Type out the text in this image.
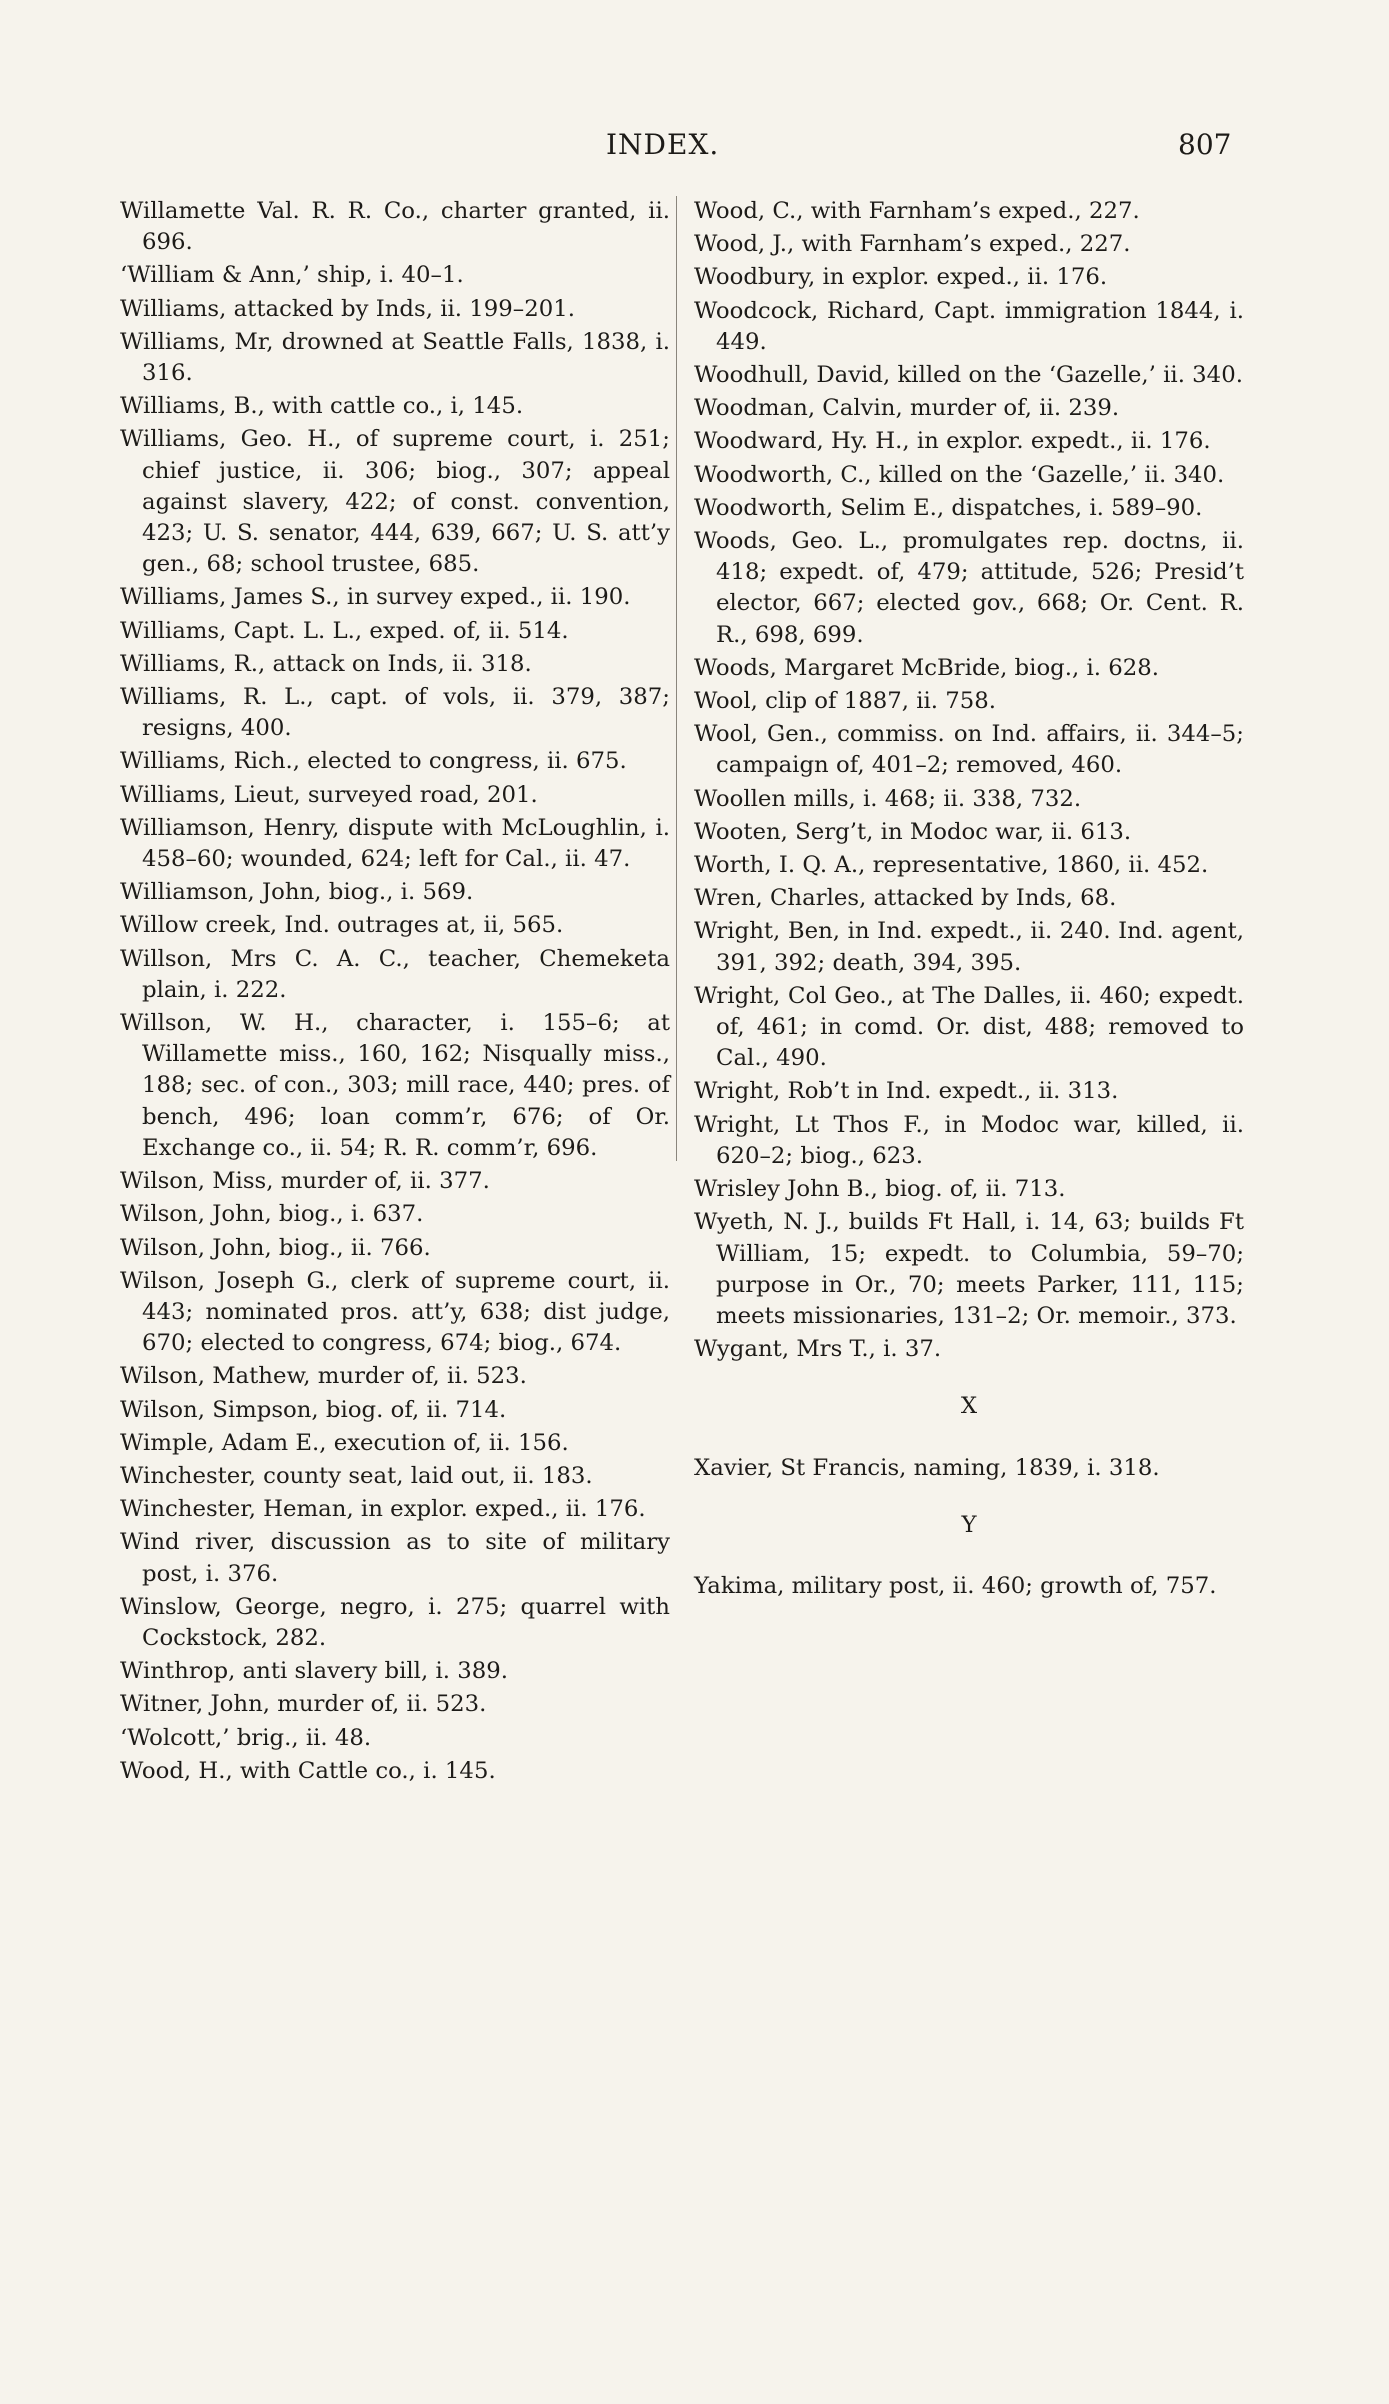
INDEX.	807

Willamette Val. R. R. Co., charter granted, ii. 696.
‘William & Ann,’ ship, i. 40–1.
Williams, attacked by Inds, ii. 199–201.
Williams, Mr, drowned at Seattle Falls, 1838, i. 316.
Williams, B., with cattle co., i, 145.
Williams, Geo. H., of supreme court, i. 251; chief justice, ii. 306; biog., 307; appeal against slavery, 422; of const. convention, 423; U. S. senator, 444, 639, 667; U. S. att’y gen., 68; school trustee, 685.
Williams, James S., in survey exped., ii. 190.
Williams, Capt. L. L., exped. of, ii. 514.
Williams, R., attack on Inds, ii. 318.
Williams, R. L., capt. of vols, ii. 379, 387; resigns, 400.
Williams, Rich., elected to congress, ii. 675.
Williams, Lieut, surveyed road, 201.
Williamson, Henry, dispute with McLoughlin, i. 458–60; wounded, 624; left for Cal., ii. 47.
Williamson, John, biog., i. 569.
Willow creek, Ind. outrages at, ii, 565.
Willson, Mrs C. A. C., teacher, Chemeketa plain, i. 222.
Willson, W. H., character, i. 155–6; at Willamette miss., 160, 162; Nisqually miss., 188; sec. of con., 303; mill race, 440; pres. of bench, 496; loan comm’r, 676; of Or. Exchange co., ii. 54; R. R. comm’r, 696.
Wilson, Miss, murder of, ii. 377.
Wilson, John, biog., i. 637.
Wilson, John, biog., ii. 766.
Wilson, Joseph G., clerk of supreme court, ii. 443; nominated pros. att’y, 638; dist judge, 670; elected to congress, 674; biog., 674.
Wilson, Mathew, murder of, ii. 523.
Wilson, Simpson, biog. of, ii. 714.
Wimple, Adam E., execution of, ii. 156.
Winchester, county seat, laid out, ii. 183.
Winchester, Heman, in explor. exped., ii. 176.
Wind river, discussion as to site of military post, i. 376.
Winslow, George, negro, i. 275; quarrel with Cockstock, 282.
Winthrop, anti slavery bill, i. 389.
Witner, John, murder of, ii. 523.
‘Wolcott,’ brig., ii. 48.
Wood, H., with Cattle co., i. 145.
Wood, C., with Farnham’s exped., 227.
Wood, J., with Farnham’s exped., 227.
Woodbury, in explor. exped., ii. 176.
Woodcock, Richard, Capt. immigration 1844, i. 449.
Woodhull, David, killed on the ‘Gazelle,’ ii. 340.
Woodman, Calvin, murder of, ii. 239.
Woodward, Hy. H., in explor. expedt., ii. 176.
Woodworth, C., killed on the ‘Gazelle,’ ii. 340.
Woodworth, Selim E., dispatches, i. 589–90.
Woods, Geo. L., promulgates rep. doctns, ii. 418; expedt. of, 479; attitude, 526; Presid’t elector, 667; elected gov., 668; Or. Cent. R. R., 698, 699.
Woods, Margaret McBride, biog., i. 628.
Wool, clip of 1887, ii. 758.
Wool, Gen., commiss. on Ind. affairs, ii. 344–5; campaign of, 401–2; removed, 460.
Woollen mills, i. 468; ii. 338, 732.
Wooten, Serg’t, in Modoc war, ii. 613.
Worth, I. Q. A., representative, 1860, ii. 452.
Wren, Charles, attacked by Inds, 68.
Wright, Ben, in Ind. expedt., ii. 240. Ind. agent, 391, 392; death, 394, 395.
Wright, Col Geo., at The Dalles, ii. 460; expedt. of, 461; in comd. Or. dist, 488; removed to Cal., 490.
Wright, Rob’t in Ind. expedt., ii. 313.
Wright, Lt Thos F., in Modoc war, killed, ii. 620–2; biog., 623.
Wrisley John B., biog. of, ii. 713.
Wyeth, N. J., builds Ft Hall, i. 14, 63; builds Ft William, 15; expedt. to Columbia, 59–70; purpose in Or., 70; meets Parker, 111, 115; meets missionaries, 131–2; Or. memoir., 373.
Wygant, Mrs T., i. 37.
X
Xavier, St Francis, naming, 1839, i. 318.
Y
Yakima, military post, ii. 460; growth of, 757.
